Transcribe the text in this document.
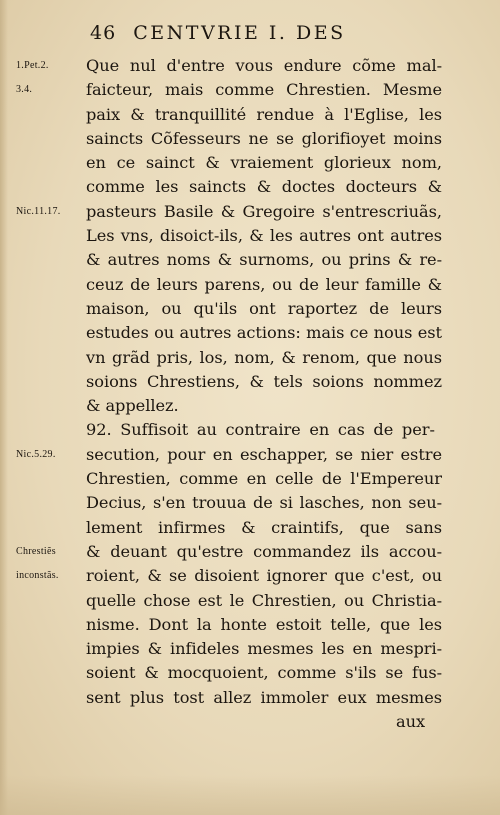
46 CENTVRIE I. DES
1.Pet.2. Que nul d'entre vous endure cõme mal-
3.4.	faicteur, mais comme Chrestien. Mesme
paix & tranquillité rendue à l'Eglise, les
saincts Cõfesseurs ne se glorifioyet moins
en ce sainct & vraiement glorieux nom,
comme les saincts & doctes docteurs &
Nic.11.17. pasteurs Basile & Gregoire s'entrescriuãs,
Les vns, disoict-ils, & les autres ont autres
& autres noms & surnoms, ou prins & re-
ceuz de leurs parens, ou de leur famille &
maison, ou qu'ils ont raportez de leurs
estudes ou autres actions: mais ce nous est
vn grãd pris, los, nom, & renom, que nous
soions Chrestiens, & tels soions nommez
& appellez.
92. Suffisoit au contraire en cas de per-
Nic.5.29. secution, pour en eschapper, se nier estre
Chrestien, comme en celle de l'Empereur
Decius, s'en trouua de si lasches, non seu-
lement infirmes & craintifs, que sans
Chrestiẽs & deuant qu'estre commandez ils accou-
inconstãs. roient, & se disoient ignorer que c'est, ou
quelle chose est le Chrestien, ou Christia-
nisme. Dont la honte estoit telle, que les
impies & infideles mesmes les en mespri-
soient & mocquoient, comme s'ils se fus-
sent plus tost allez immoler eux mesmes
aux
